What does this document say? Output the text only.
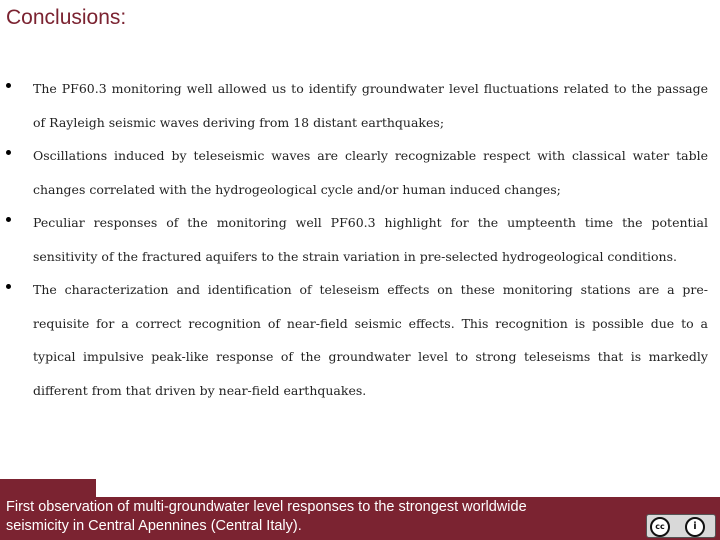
Conclusions:
The PF60.3 monitoring well allowed us to identify groundwater level fluctuations related to the passage of Rayleigh seismic waves deriving from 18 distant earthquakes;
Oscillations induced by teleseismic waves are clearly recognizable respect with classical water table changes correlated with the hydrogeological cycle and/or human induced changes;
Peculiar responses of the monitoring well PF60.3 highlight for the umpteenth time the potential sensitivity of the fractured aquifers to the strain variation in pre-selected hydrogeological conditions.
The characterization and identification of teleseism effects on these monitoring stations are a pre-requisite for a correct recognition of near-field seismic effects. This recognition is possible due to a typical impulsive peak-like response of the groundwater level to strong teleseisms that is markedly different from that driven by near-field earthquakes.
First observation of multi-groundwater level responses to the strongest worldwide seismicity in Central Apennines (Central Italy).	cc	i
